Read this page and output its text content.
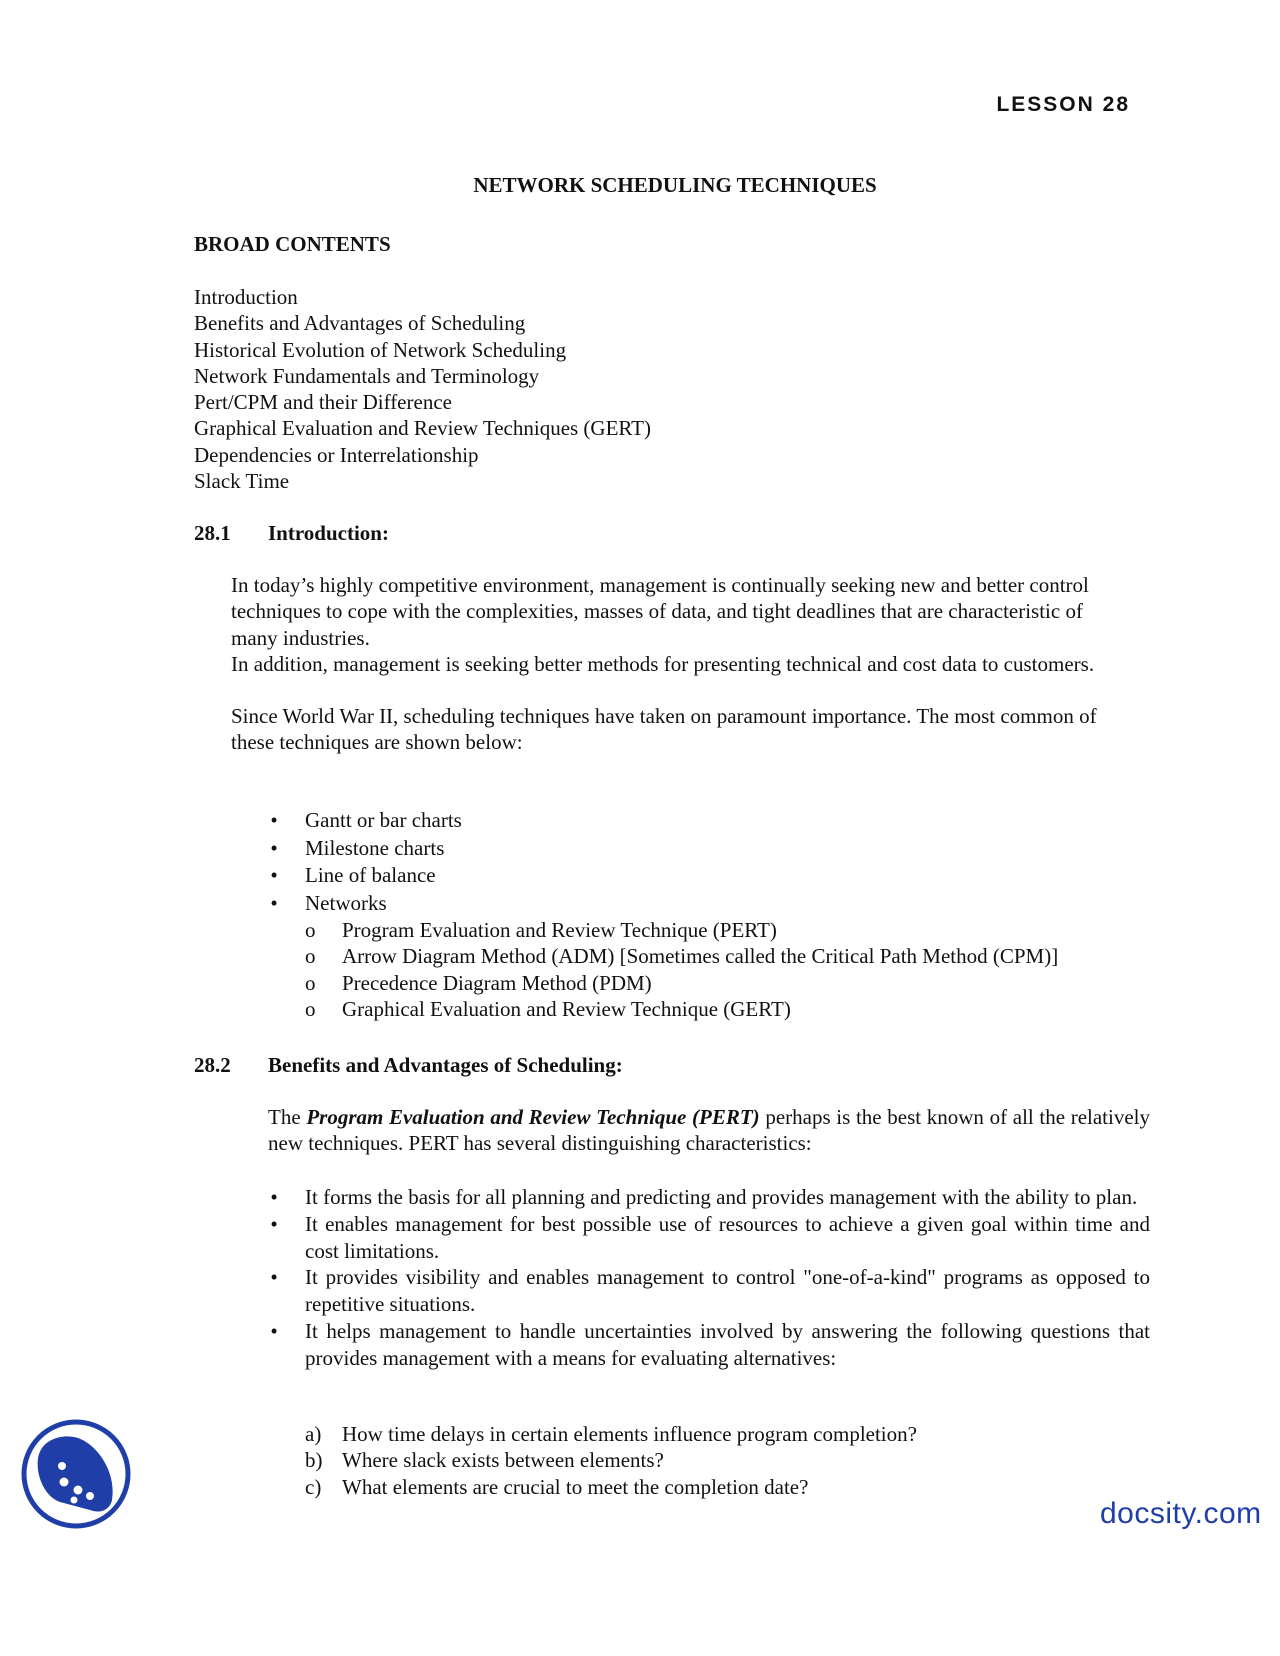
LESSON 28
NETWORK SCHEDULING TECHNIQUES
BROAD CONTENTS
Introduction
Benefits and Advantages of Scheduling
Historical Evolution of Network Scheduling
Network Fundamentals and Terminology
Pert/CPM and their Difference
Graphical Evaluation and Review Techniques (GERT)
Dependencies or Interrelationship
Slack Time
28.1 Introduction:

In today’s highly competitive environment, management is continually seeking new and better control techniques to cope with the complexities, masses of data, and tight deadlines that are characteristic of many industries.

In addition, management is seeking better methods for presenting technical and cost data to customers.

Since World War II, scheduling techniques have taken on paramount importance. The most common of these techniques are shown below:

• Gantt or bar charts
• Milestone charts
• Line of balance
• Networks
o Program Evaluation and Review Technique (PERT)
o Arrow Diagram Method (ADM) [Sometimes called the Critical Path Method (CPM)]
o Precedence Diagram Method (PDM)
o Graphical Evaluation and Review Technique (GERT)
28.2 Benefits and Advantages of Scheduling:

The Program Evaluation and Review Technique (PERT) perhaps is the best known of all the relatively new techniques. PERT has several distinguishing characteristics:

• It forms the basis for all planning and predicting and provides management with the ability to plan.
• It enables management for best possible use of resources to achieve a given goal within time and cost limitations.
• It provides visibility and enables management to control "one-of-a-kind" programs as opposed to repetitive situations.
• It helps management to handle uncertainties involved by answering the following questions that provides management with a means for evaluating alternatives:
a) How time delays in certain elements influence program completion?
b) Where slack exists between elements?
c) What elements are crucial to meet the completion date?
docsity.com
